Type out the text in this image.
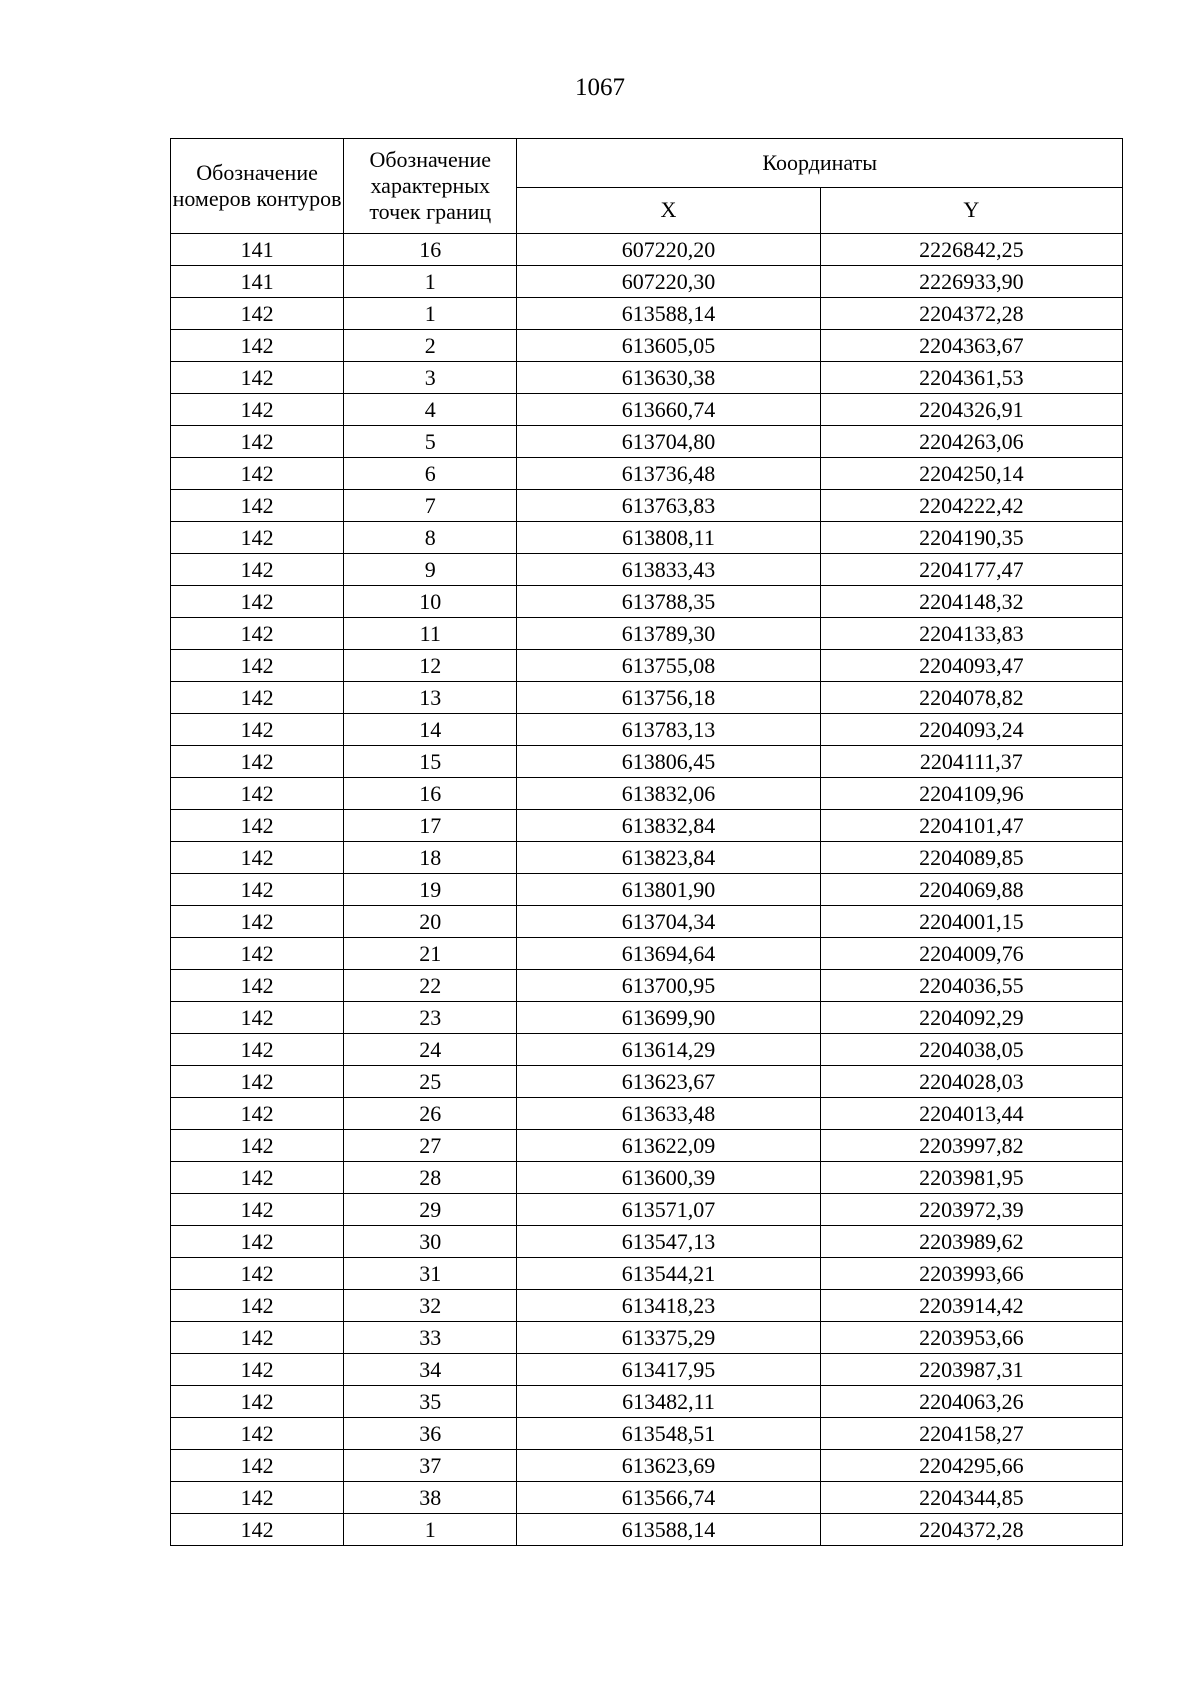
1067
Обозначение номеров контуров	Обозначение характерных точек границ	Координаты	
		X	Y
141	16	607220,20	2226842,25
141	1	607220,30	2226933,90
142	1	613588,14	2204372,28
142	2	613605,05	2204363,67
142	3	613630,38	2204361,53
142	4	613660,74	2204326,91
142	5	613704,80	2204263,06
142	6	613736,48	2204250,14
142	7	613763,83	2204222,42
142	8	613808,11	2204190,35
142	9	613833,43	2204177,47
142	10	613788,35	2204148,32
142	11	613789,30	2204133,83
142	12	613755,08	2204093,47
142	13	613756,18	2204078,82
142	14	613783,13	2204093,24
142	15	613806,45	2204111,37
142	16	613832,06	2204109,96
142	17	613832,84	2204101,47
142	18	613823,84	2204089,85
142	19	613801,90	2204069,88
142	20	613704,34	2204001,15
142	21	613694,64	2204009,76
142	22	613700,95	2204036,55
142	23	613699,90	2204092,29
142	24	613614,29	2204038,05
142	25	613623,67	2204028,03
142	26	613633,48	2204013,44
142	27	613622,09	2203997,82
142	28	613600,39	2203981,95
142	29	613571,07	2203972,39
142	30	613547,13	2203989,62
142	31	613544,21	2203993,66
142	32	613418,23	2203914,42
142	33	613375,29	2203953,66
142	34	613417,95	2203987,31
142	35	613482,11	2204063,26
142	36	613548,51	2204158,27
142	37	613623,69	2204295,66
142	38	613566,74	2204344,85
142	1	613588,14	2204372,28
